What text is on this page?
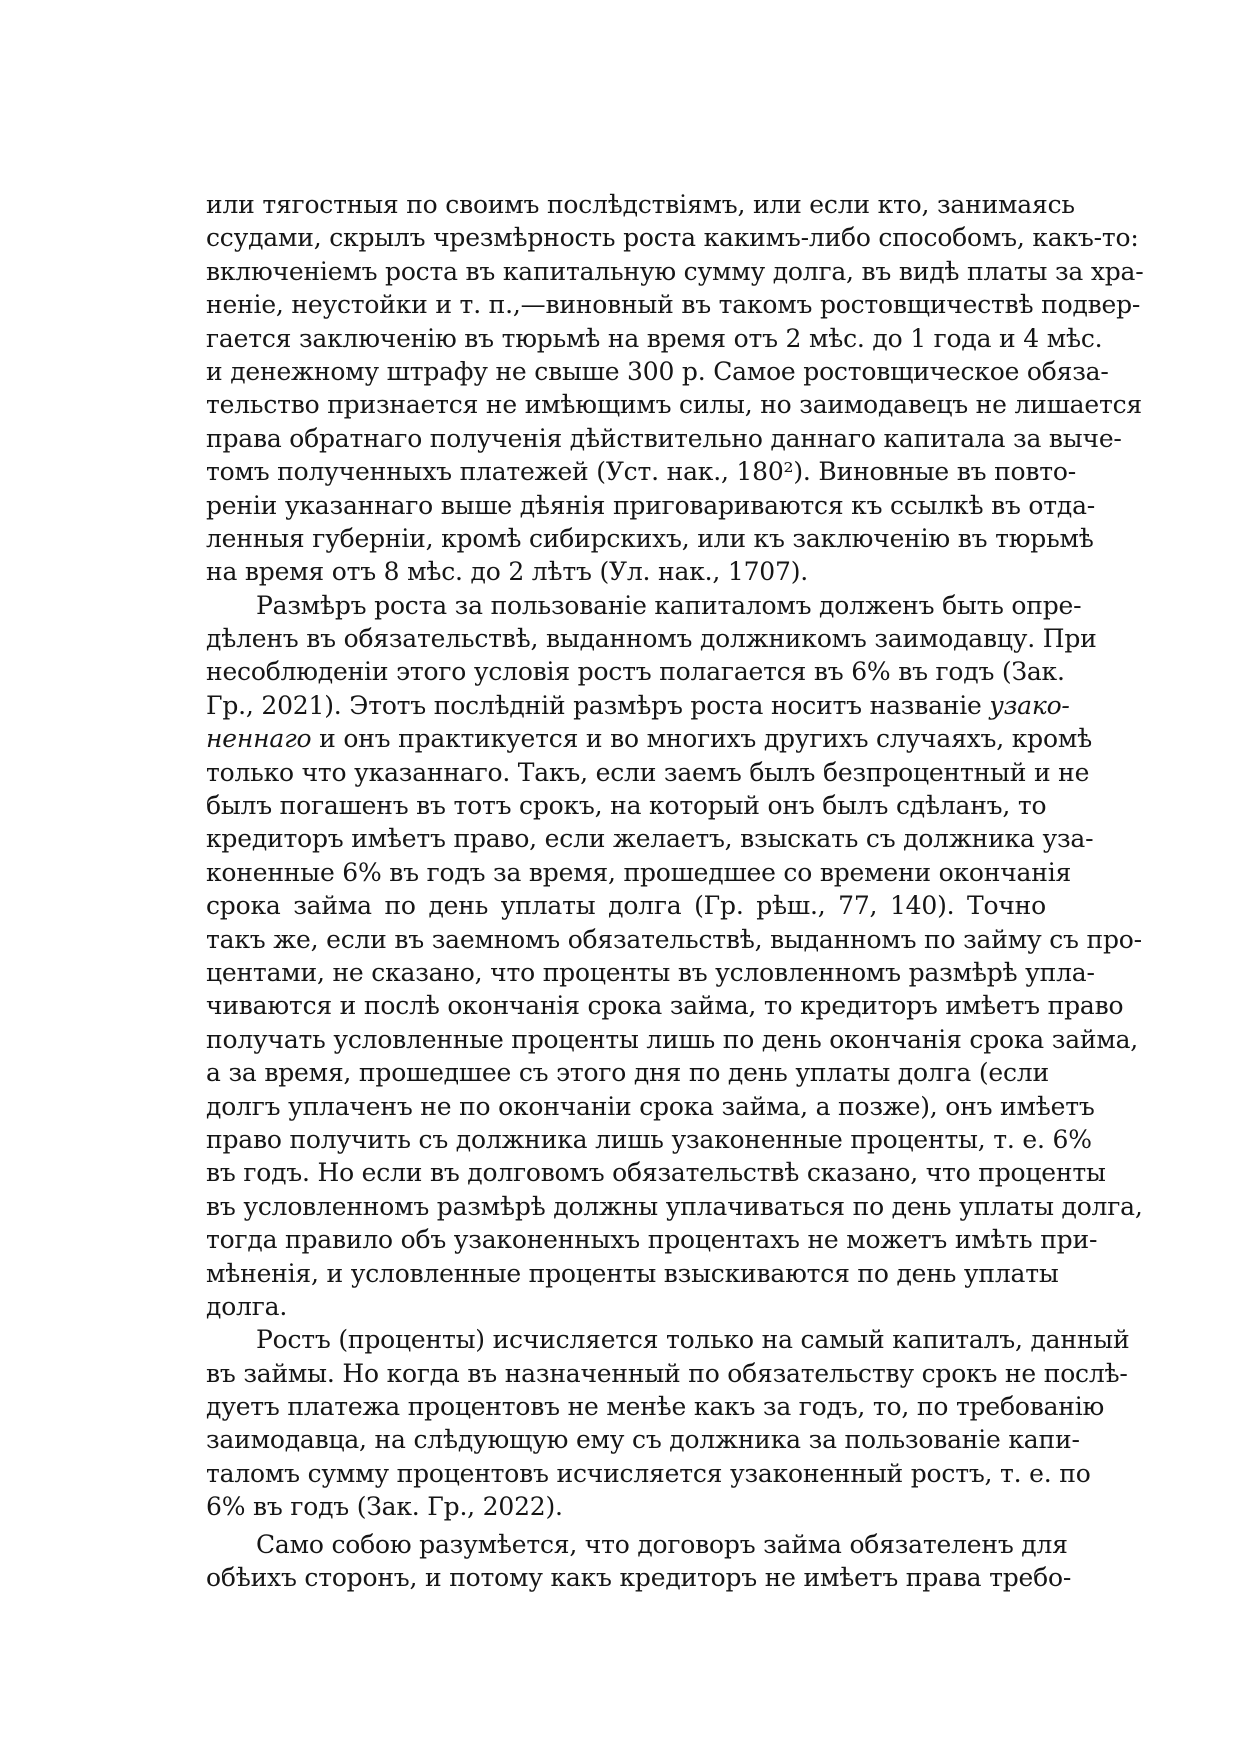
или тягостныя по своимъ послѣдствіямъ, или если кто, занимаясь
ссудами, скрылъ чрезмѣрность роста какимъ-либо способомъ, какъ-то:
включеніемъ роста въ капитальную сумму долга, въ видѣ платы за хра-
неніе, неустойки и т. п.,—виновный въ такомъ ростовщичествѣ подвер-
гается заключенію въ тюрьмѣ на время отъ 2 мѣс. до 1 года и 4 мѣс.
и денежному штрафу не свыше 300 р. Самое ростовщическое обяза-
тельство признается не имѣющимъ силы, но заимодавецъ не лишается
права обратнаго полученія дѣйствительно даннаго капитала за выче-
томъ полученныхъ платежей (Уст. нак., 180²). Виновные въ повто-
реніи указаннаго выше дѣянія приговариваются къ ссылкѣ въ отда-
ленныя губерніи, кромѣ сибирскихъ, или къ заключенію въ тюрьмѣ
на время отъ 8 мѣс. до 2 лѣтъ (Ул. нак., 1707).
Размѣръ роста за пользованіе капиталомъ долженъ быть опре-
дѣленъ въ обязательствѣ, выданномъ должникомъ заимодавцу. При
несоблюденіи этого условія ростъ полагается въ 6% въ годъ (Зак.
Гр., 2021). Этотъ послѣдній размѣръ роста носитъ названіе узако-
неннаго и онъ практикуется и во многихъ другихъ случаяхъ, кромѣ
только что указаннаго. Такъ, если заемъ былъ безпроцентный и не
былъ погашенъ въ тотъ срокъ, на который онъ былъ сдѣланъ, то
кредиторъ имѣетъ право, если желаетъ, взыскать съ должника уза-
коненные 6% въ годъ за время, прошедшее со времени окончанія
срока займа по день уплаты долга (Гр. рѣш., 77, 140). Точно
такъ же, если въ заемномъ обязательствѣ, выданномъ по займу съ про-
центами, не сказано, что проценты въ условленномъ размѣрѣ упла-
чиваются и послѣ окончанія срока займа, то кредиторъ имѣетъ право
получать условленные проценты лишь по день окончанія срока займа,
а за время, прошедшее съ этого дня по день уплаты долга (если
долгъ уплаченъ не по окончаніи срока займа, а позже), онъ имѣетъ
право получить съ должника лишь узаконенные проценты, т. е. 6%
въ годъ. Но если въ долговомъ обязательствѣ сказано, что проценты
въ условленномъ размѣрѣ должны уплачиваться по день уплаты долга,
тогда правило объ узаконенныхъ процентахъ не можетъ имѣть при-
мѣненія, и условленные проценты взыскиваются по день уплаты
долга.
Ростъ (проценты) исчисляется только на самый капиталъ, данный
въ займы. Но когда въ назначенный по обязательству срокъ не послѣ-
дуетъ платежа процентовъ не менѣе какъ за годъ, то, по требованію
заимодавца, на слѣдующую ему съ должника за пользованіе капи-
таломъ сумму процентовъ исчисляется узаконенный ростъ, т. е. по
6% въ годъ (Зак. Гр., 2022).
Само собою разумѣется, что договоръ займа обязателенъ для
обѣихъ сторонъ, и потому какъ кредиторъ не имѣетъ права требо-
